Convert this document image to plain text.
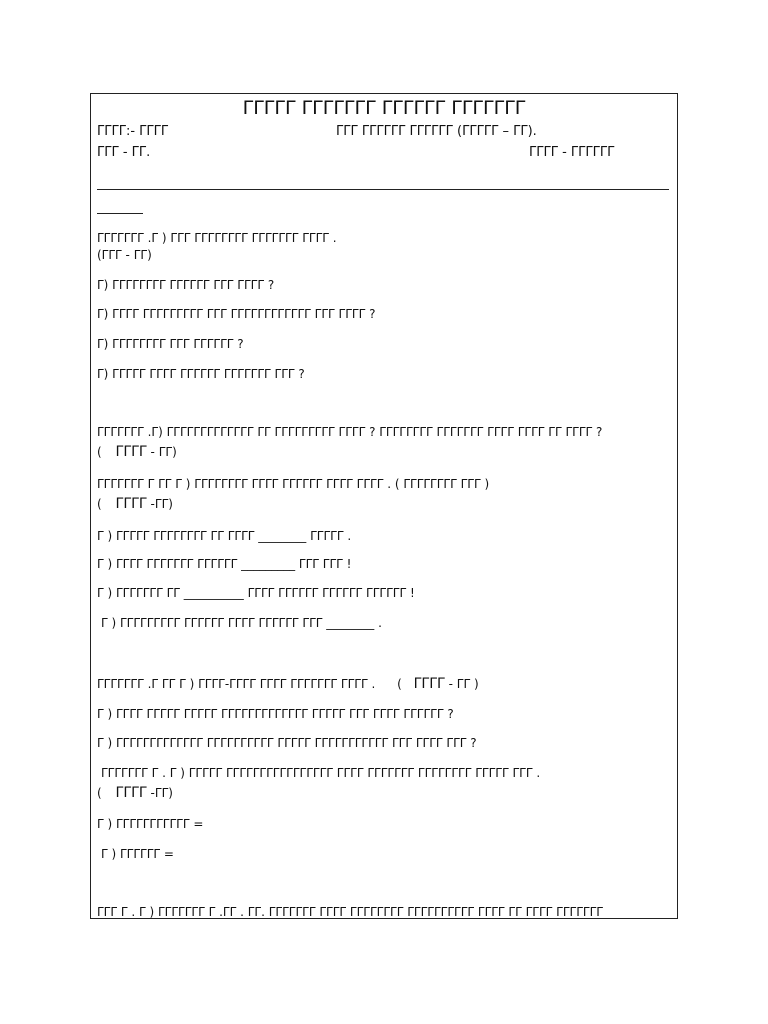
ΓΓΓΓΓ ΓΓΓΓΓΓΓ ΓΓΓΓΓΓ ΓΓΓΓΓΓΓ
ΓΓΓΓ:- ΓΓΓΓ	ΓΓΓ ΓΓΓΓΓΓ ΓΓΓΓΓΓ (ΓΓΓΓΓ – ΓΓ).
ΓΓΓ - ΓΓ.	ΓΓΓΓ - ΓΓΓΓΓΓ
ΓΓΓΓΓΓΓ .Γ ) ΓΓΓ ΓΓΓΓΓΓΓΓ ΓΓΓΓΓΓΓ ΓΓΓΓ .
(ΓΓΓ - ΓΓ)
Γ) ΓΓΓΓΓΓΓΓ ΓΓΓΓΓΓ ΓΓΓ ΓΓΓΓ ?
Γ) ΓΓΓΓ ΓΓΓΓΓΓΓΓΓ ΓΓΓ ΓΓΓΓΓΓΓΓΓΓΓΓ ΓΓΓ ΓΓΓΓ ?
Γ) ΓΓΓΓΓΓΓΓ ΓΓΓ ΓΓΓΓΓΓ ?
Γ) ΓΓΓΓΓ ΓΓΓΓ ΓΓΓΓΓΓ ΓΓΓΓΓΓΓ ΓΓΓ ?
ΓΓΓΓΓΓΓ .Γ) ΓΓΓΓΓΓΓΓΓΓΓΓΓ ΓΓ ΓΓΓΓΓΓΓΓΓ ΓΓΓΓ ? ΓΓΓΓΓΓΓΓ ΓΓΓΓΓΓΓ ΓΓΓΓ ΓΓΓΓ ΓΓ ΓΓΓΓ ?
( ΓΓΓΓ - ΓΓ)
ΓΓΓΓΓΓΓ Γ ΓΓ Γ ) ΓΓΓΓΓΓΓΓ ΓΓΓΓ ΓΓΓΓΓΓ ΓΓΓΓ ΓΓΓΓ . ( ΓΓΓΓΓΓΓΓ ΓΓΓ )
( ΓΓΓΓ -ΓΓ)
Γ ) ΓΓΓΓΓ ΓΓΓΓΓΓΓΓ ΓΓ ΓΓΓΓ ________ ΓΓΓΓΓ .
Γ ) ΓΓΓΓ ΓΓΓΓΓΓΓ ΓΓΓΓΓΓ _________ ΓΓΓ ΓΓΓ !
Γ ) ΓΓΓΓΓΓΓ ΓΓ __________ ΓΓΓΓ ΓΓΓΓΓΓ ΓΓΓΓΓΓ ΓΓΓΓΓΓ !
Γ ) ΓΓΓΓΓΓΓΓΓ ΓΓΓΓΓΓ ΓΓΓΓ ΓΓΓΓΓΓ ΓΓΓ ________ .
ΓΓΓΓΓΓΓ .Γ ΓΓ Γ ) ΓΓΓΓ-ΓΓΓΓ ΓΓΓΓ ΓΓΓΓΓΓΓ ΓΓΓΓ . ( ΓΓΓΓ - ΓΓ )
Γ ) ΓΓΓΓ ΓΓΓΓΓ ΓΓΓΓΓ ΓΓΓΓΓΓΓΓΓΓΓΓΓ ΓΓΓΓΓ ΓΓΓ ΓΓΓΓ ΓΓΓΓΓΓ ?
Γ ) ΓΓΓΓΓΓΓΓΓΓΓΓΓ ΓΓΓΓΓΓΓΓΓΓ ΓΓΓΓΓ ΓΓΓΓΓΓΓΓΓΓΓ ΓΓΓ ΓΓΓΓ ΓΓΓ ?
ΓΓΓΓΓΓΓ Γ . Γ ) ΓΓΓΓΓ ΓΓΓΓΓΓΓΓΓΓΓΓΓΓΓΓ ΓΓΓΓ ΓΓΓΓΓΓΓ ΓΓΓΓΓΓΓΓ ΓΓΓΓΓ ΓΓΓ .
( ΓΓΓΓ -ΓΓ)
Γ ) ΓΓΓΓΓΓΓΓΓΓΓ =
Γ ) ΓΓΓΓΓΓ =
ΓΓΓ Γ . Γ ) ΓΓΓΓΓΓΓ Γ .ΓΓ . ΓΓ. ΓΓΓΓΓΓΓ ΓΓΓΓ ΓΓΓΓΓΓΓΓ ΓΓΓΓΓΓΓΓΓΓ ΓΓΓΓ ΓΓ ΓΓΓΓ ΓΓΓΓΓΓΓ
